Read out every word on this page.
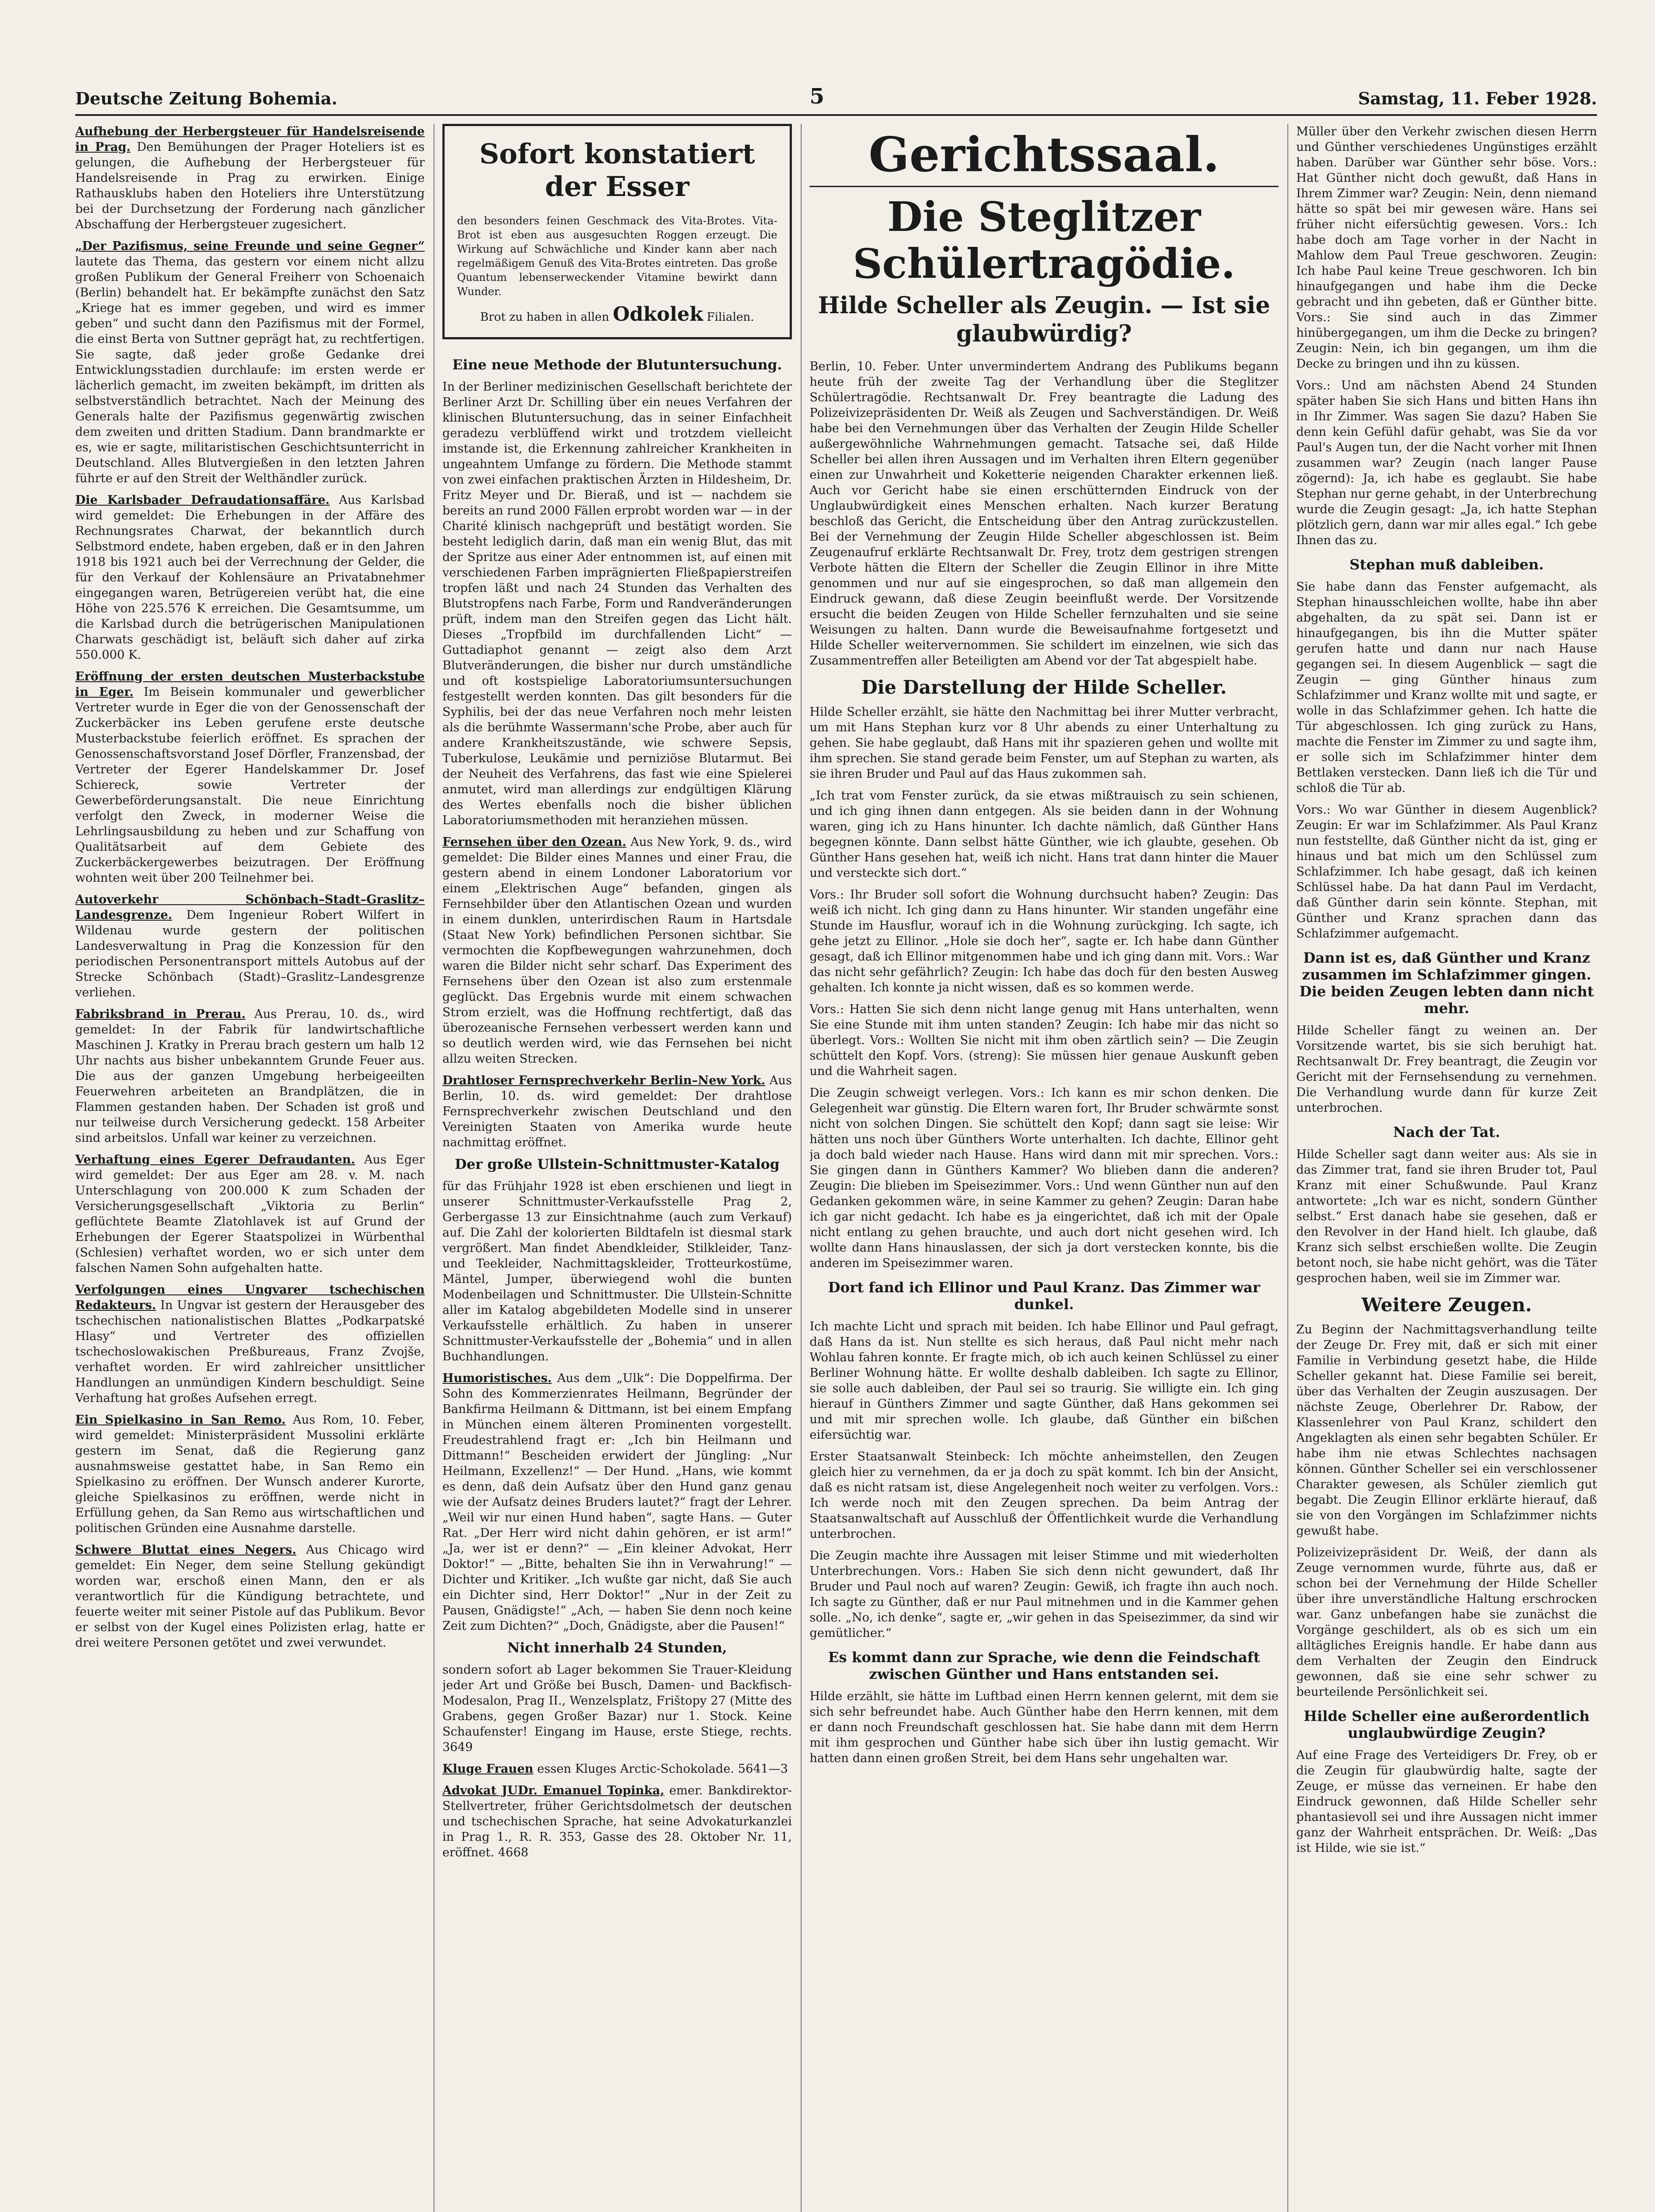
Deutsche Zeitung Bohemia.	5	Samstag, 11. Feber 1928.

Aufhebung der Herbergsteuer für Handelsreisende in Prag. Den Bemühungen der Prager Hoteliers ist es gelungen, die Aufhebung der Herbergsteuer für Handelsreisende in Prag zu erwirken. Einige Rathausklubs haben den Hoteliers ihre Unterstützung bei der Durchsetzung der Forderung nach gänzlicher Abschaffung der Herbergsteuer zugesichert.

„Der Pazifismus, seine Freunde und seine Gegner“ lautete das Thema, das gestern vor einem nicht allzu großen Publikum der General Freiherr von Schoenaich (Berlin) behandelt hat. Er bekämpfte zunächst den Satz „Kriege hat es immer gegeben, und wird es immer geben“ und sucht dann den Pazifismus mit der Formel, die einst Berta von Suttner geprägt hat, zu rechtfertigen. Sie sagte, daß jeder große Gedanke drei Entwicklungsstadien durchlaufe: im ersten werde er lächerlich gemacht, im zweiten bekämpft, im dritten als selbstverständlich betrachtet. Nach der Meinung des Generals halte der Pazifismus gegenwärtig zwischen dem zweiten und dritten Stadium. Dann brandmarkte er es, wie er sagte, militaristischen Geschichtsunterricht in Deutschland. Alles Blutvergießen in den letzten Jahren führte er auf den Streit der Welthändler zurück.

Die Karlsbader Defraudationsaffäre. Aus Karlsbad wird gemeldet: Die Erhebungen in der Affäre des Rechnungsrates Charwat, der bekanntlich durch Selbstmord endete, haben ergeben, daß er in den Jahren 1918 bis 1921 auch bei der Verrechnung der Gelder, die für den Verkauf der Kohlensäure an Privatabnehmer eingegangen waren, Betrügereien verübt hat, die eine Höhe von 225.576 K erreichen. Die Gesamtsumme, um die Karlsbad durch die betrügerischen Manipulationen Charwats geschädigt ist, beläuft sich daher auf zirka 550.000 K.

Eröffnung der ersten deutschen Musterbackstube in Eger. Im Beisein kommunaler und gewerblicher Vertreter wurde in Eger die von der Genossenschaft der Zuckerbäcker ins Leben gerufene erste deutsche Musterbackstube feierlich eröffnet. Es sprachen der Genossenschaftsvorstand Josef Dörfler, Franzensbad, der Vertreter der Egerer Handelskammer Dr. Josef Schiereck, sowie Vertreter der Gewerbeförderungsanstalt. Die neue Einrichtung verfolgt den Zweck, in moderner Weise die Lehrlingsausbildung zu heben und zur Schaffung von Qualitätsarbeit auf dem Gebiete des Zuckerbäckergewerbes beizutragen. Der Eröffnung wohnten weit über 200 Teilnehmer bei.

Autoverkehr Schönbach–Stadt–Graslitz–Landesgrenze. Dem Ingenieur Robert Wilfert in Wildenau wurde gestern der politischen Landesverwaltung in Prag die Konzession für den periodischen Personentransport mittels Autobus auf der Strecke Schönbach (Stadt)–Graslitz–Landesgrenze verliehen.

Fabriksbrand in Prerau. Aus Prerau, 10. ds., wird gemeldet: In der Fabrik für landwirtschaftliche Maschinen J. Kratky in Prerau brach gestern um halb 12 Uhr nachts aus bisher unbekanntem Grunde Feuer aus. Die aus der ganzen Umgebung herbeigeeilten Feuerwehren arbeiteten an Brandplätzen, die in Flammen gestanden haben. Der Schaden ist groß und nur teilweise durch Versicherung gedeckt. 158 Arbeiter sind arbeitslos. Unfall war keiner zu verzeichnen.

Verhaftung eines Egerer Defraudanten. Aus Eger wird gemeldet: Der aus Eger am 28. v. M. nach Unterschlagung von 200.000 K zum Schaden der Versicherungsgesellschaft „Viktoria zu Berlin“ geflüchtete Beamte Zlatohlavek ist auf Grund der Erhebungen der Egerer Staatspolizei in Würbenthal (Schlesien) verhaftet worden, wo er sich unter dem falschen Namen Sohn aufgehalten hatte.

Verfolgungen eines Ungvarer tschechischen Redakteurs. In Ungvar ist gestern der Herausgeber des tschechischen nationalistischen Blattes „Podkarpatské Hlasy“ und Vertreter des offiziellen tschechoslowakischen Preßbureaus, Franz Zvojše, verhaftet worden. Er wird zahlreicher unsittlicher Handlungen an unmündigen Kindern beschuldigt. Seine Verhaftung hat großes Aufsehen erregt.

Ein Spielkasino in San Remo. Aus Rom, 10. Feber, wird gemeldet: Ministerpräsident Mussolini erklärte gestern im Senat, daß die Regierung ganz ausnahmsweise gestattet habe, in San Remo ein Spielkasino zu eröffnen. Der Wunsch anderer Kurorte, gleiche Spielkasinos zu eröffnen, werde nicht in Erfüllung gehen, da San Remo aus wirtschaftlichen und politischen Gründen eine Ausnahme darstelle.

Schwere Bluttat eines Negers. Aus Chicago wird gemeldet: Ein Neger, dem seine Stellung gekündigt worden war, erschoß einen Mann, den er als verantwortlich für die Kündigung betrachtete, und feuerte weiter mit seiner Pistole auf das Publikum. Bevor er selbst von der Kugel eines Polizisten erlag, hatte er drei weitere Personen getötet und zwei verwundet.

Sofort konstatiert der Esser

den besonders feinen Geschmack des Vita-Brotes. Vita-Brot ist eben aus ausgesuchten Roggen erzeugt. Die Wirkung auf Schwächliche und Kinder kann aber nach regelmäßigem Genuß des Vita-Brotes eintreten. Das große Quantum lebenserweckender Vitamine bewirkt dann Wunder.

Brot zu haben in allen Odkolek Filialen.
Eine neue Methode der Blutuntersuchung.

In der Berliner medizinischen Gesellschaft berichtete der Berliner Arzt Dr. Schilling über ein neues Verfahren der klinischen Blutuntersuchung, das in seiner Einfachheit geradezu verblüffend wirkt und trotzdem vielleicht imstande ist, die Erkennung zahlreicher Krankheiten in ungeahntem Umfange zu fördern. Die Methode stammt von zwei einfachen praktischen Ärzten in Hildesheim, Dr. Fritz Meyer und Dr. Bieraß, und ist — nachdem sie bereits an rund 2000 Fällen erprobt worden war — in der Charité klinisch nachgeprüft und bestätigt worden. Sie besteht lediglich darin, daß man ein wenig Blut, das mit der Spritze aus einer Ader entnommen ist, auf einen mit verschiedenen Farben imprägnierten Fließpapierstreifen tropfen läßt und nach 24 Stunden das Verhalten des Blutstropfens nach Farbe, Form und Randveränderungen prüft, indem man den Streifen gegen das Licht hält. Dieses „Tropfbild im durchfallenden Licht“ — Guttadiaphot genannt — zeigt also dem Arzt Blutveränderungen, die bisher nur durch umständliche und oft kostspielige Laboratoriumsuntersuchungen festgestellt werden konnten. Das gilt besonders für die Syphilis, bei der das neue Verfahren noch mehr leisten als die berühmte Wassermann'sche Probe, aber auch für andere Krankheitszustände, wie schwere Sepsis, Tuberkulose, Leukämie und perniziöse Blutarmut. Bei der Neuheit des Verfahrens, das fast wie eine Spielerei anmutet, wird man allerdings zur endgültigen Klärung des Wertes ebenfalls noch die bisher üblichen Laboratoriumsmethoden mit heranziehen müssen.

Fernsehen über den Ozean. Aus New York, 9. ds., wird gemeldet: Die Bilder eines Mannes und einer Frau, die gestern abend in einem Londoner Laboratorium vor einem „Elektrischen Auge“ befanden, gingen als Fernsehbilder über den Atlantischen Ozean und wurden in einem dunklen, unterirdischen Raum in Hartsdale (Staat New York) befindlichen Personen sichtbar. Sie vermochten die Kopfbewegungen wahrzunehmen, doch waren die Bilder nicht sehr scharf. Das Experiment des Fernsehens über den Ozean ist also zum erstenmale geglückt. Das Ergebnis wurde mit einem schwachen Strom erzielt, was die Hoffnung rechtfertigt, daß das überozeanische Fernsehen verbessert werden kann und so deutlich werden wird, wie das Fernsehen bei nicht allzu weiten Strecken.

Drahtloser Fernsprechverkehr Berlin–New York. Aus Berlin, 10. ds. wird gemeldet: Der drahtlose Fernsprechverkehr zwischen Deutschland und den Vereinigten Staaten von Amerika wurde heute nachmittag eröffnet.

Der große Ullstein-Schnittmuster-Katalog

für das Frühjahr 1928 ist eben erschienen und liegt in unserer Schnittmuster-Verkaufsstelle Prag 2, Gerbergasse 13 zur Einsichtnahme (auch zum Verkauf) auf. Die Zahl der kolorierten Bildtafeln ist diesmal stark vergrößert. Man findet Abendkleider, Stilkleider, Tanz- und Teekleider, Nachmittagskleider, Trotteurkostüme, Mäntel, Jumper, überwiegend wohl die bunten Modenbeilagen und Schnittmuster. Die Ullstein-Schnitte aller im Katalog abgebildeten Modelle sind in unserer Verkaufsstelle erhältlich. Zu haben in unserer Schnittmuster-Verkaufsstelle der „Bohemia“ und in allen Buchhandlungen.

Humoristisches. Aus dem „Ulk“: Die Doppelfirma. Der Sohn des Kommerzienrates Heilmann, Begründer der Bankfirma Heilmann & Dittmann, ist bei einem Empfang in München einem älteren Prominenten vorgestellt. Freudestrahlend fragt er: „Ich bin Heilmann und Dittmann!“ Bescheiden erwidert der Jüngling: „Nur Heilmann, Exzellenz!“ — Der Hund. „Hans, wie kommt es denn, daß dein Aufsatz über den Hund ganz genau wie der Aufsatz deines Bruders lautet?“ fragt der Lehrer. „Weil wir nur einen Hund haben“, sagte Hans. — Guter Rat. „Der Herr wird nicht dahin gehören, er ist arm!“ „Ja, wer ist er denn?“ — „Ein kleiner Advokat, Herr Doktor!“ — „Bitte, behalten Sie ihn in Verwahrung!“ — Dichter und Kritiker. „Ich wußte gar nicht, daß Sie auch ein Dichter sind, Herr Doktor!“ „Nur in der Zeit zu Pausen, Gnädigste!“ „Ach, — haben Sie denn noch keine Zeit zum Dichten?“ „Doch, Gnädigste, aber die Pausen!“

Nicht innerhalb 24 Stunden,

sondern sofort ab Lager bekommen Sie Trauer-Kleidung jeder Art und Größe bei Busch, Damen- und Backfisch-Modesalon, Prag II., Wenzelsplatz, Frištopy 27 (Mitte des Grabens, gegen Großer Bazar) nur 1. Stock. Keine Schaufenster! Eingang im Hause, erste Stiege, rechts. 3649

Kluge Frauen essen Kluges Arctic-Schokolade. 5641—3

Advokat JUDr. Emanuel Topinka, emer. Bankdirektor-Stellvertreter, früher Gerichtsdolmetsch der deutschen und tschechischen Sprache, hat seine Advokaturkanzlei in Prag 1., R. R. 353, Gasse des 28. Oktober Nr. 11, eröffnet. 4668

Gerichtssaal.
Die Steglitzer Schülertragödie.
Hilde Scheller als Zeugin. — Ist sie glaubwürdig?

Berlin, 10. Feber. Unter unvermindertem Andrang des Publikums begann heute früh der zweite Tag der Verhandlung über die Steglitzer Schülertragödie. Rechtsanwalt Dr. Frey beantragte die Ladung des Polizeivizepräsidenten Dr. Weiß als Zeugen und Sachverständigen. Dr. Weiß habe bei den Vernehmungen über das Verhalten der Zeugin Hilde Scheller außergewöhnliche Wahrnehmungen gemacht. Tatsache sei, daß Hilde Scheller bei allen ihren Aussagen und im Verhalten ihren Eltern gegenüber einen zur Unwahrheit und Koketterie neigenden Charakter erkennen ließ. Auch vor Gericht habe sie einen erschütternden Eindruck von der Unglaubwürdigkeit eines Menschen erhalten. Nach kurzer Beratung beschloß das Gericht, die Entscheidung über den Antrag zurückzustellen. Bei der Vernehmung der Zeugin Hilde Scheller abgeschlossen ist. Beim Zeugenaufruf erklärte Rechtsanwalt Dr. Frey, trotz dem gestrigen strengen Verbote hätten die Eltern der Scheller die Zeugin Ellinor in ihre Mitte genommen und nur auf sie eingesprochen, so daß man allgemein den Eindruck gewann, daß diese Zeugin beeinflußt werde. Der Vorsitzende ersucht die beiden Zeugen von Hilde Scheller fernzuhalten und sie seine Weisungen zu halten. Dann wurde die Beweisaufnahme fortgesetzt und Hilde Scheller weitervernommen. Sie schildert im einzelnen, wie sich das Zusammentreffen aller Beteiligten am Abend vor der Tat abgespielt habe.

Die Darstellung der Hilde Scheller.

Hilde Scheller erzählt, sie hätte den Nachmittag bei ihrer Mutter verbracht, um mit Hans Stephan kurz vor 8 Uhr abends zu einer Unterhaltung zu gehen. Sie habe geglaubt, daß Hans mit ihr spazieren gehen und wollte mit ihm sprechen. Sie stand gerade beim Fenster, um auf Stephan zu warten, als sie ihren Bruder und Paul auf das Haus zukommen sah.

„Ich trat vom Fenster zurück, da sie etwas mißtrauisch zu sein schienen, und ich ging ihnen dann entgegen. Als sie beiden dann in der Wohnung waren, ging ich zu Hans hinunter. Ich dachte nämlich, daß Günther Hans begegnen könnte. Dann selbst hätte Günther, wie ich glaubte, gesehen. Ob Günther Hans gesehen hat, weiß ich nicht. Hans trat dann hinter die Mauer und versteckte sich dort.“

Vors.: Ihr Bruder soll sofort die Wohnung durchsucht haben? Zeugin: Das weiß ich nicht. Ich ging dann zu Hans hinunter. Wir standen ungefähr eine Stunde im Hausflur, worauf ich in die Wohnung zurückging. Ich sagte, ich gehe jetzt zu Ellinor. „Hole sie doch her“, sagte er. Ich habe dann Günther gesagt, daß ich Ellinor mitgenommen habe und ich ging dann mit. Vors.: War das nicht sehr gefährlich? Zeugin: Ich habe das doch für den besten Ausweg gehalten. Ich konnte ja nicht wissen, daß es so kommen werde.

Vors.: Hatten Sie sich denn nicht lange genug mit Hans unterhalten, wenn Sie eine Stunde mit ihm unten standen? Zeugin: Ich habe mir das nicht so überlegt. Vors.: Wollten Sie nicht mit ihm oben zärtlich sein? — Die Zeugin schüttelt den Kopf. Vors. (streng): Sie müssen hier genaue Auskunft geben und die Wahrheit sagen.

Die Zeugin schweigt verlegen. Vors.: Ich kann es mir schon denken. Die Gelegenheit war günstig. Die Eltern waren fort, Ihr Bruder schwärmte sonst nicht von solchen Dingen. Sie schüttelt den Kopf; dann sagt sie leise: Wir hätten uns noch über Günthers Worte unterhalten. Ich dachte, Ellinor geht ja doch bald wieder nach Hause. Hans wird dann mit mir sprechen. Vors.: Sie gingen dann in Günthers Kammer? Wo blieben dann die anderen? Zeugin: Die blieben im Speisezimmer. Vors.: Und wenn Günther nun auf den Gedanken gekommen wäre, in seine Kammer zu gehen? Zeugin: Daran habe ich gar nicht gedacht. Ich habe es ja eingerichtet, daß ich mit der Opale nicht entlang zu gehen brauchte, und auch dort nicht gesehen wird. Ich wollte dann Hans hinauslassen, der sich ja dort verstecken konnte, bis die anderen im Speisezimmer waren.

Dort fand ich Ellinor und Paul Kranz. Das Zimmer war dunkel.

Ich machte Licht und sprach mit beiden. Ich habe Ellinor und Paul gefragt, daß Hans da ist. Nun stellte es sich heraus, daß Paul nicht mehr nach Wohlau fahren konnte. Er fragte mich, ob ich auch keinen Schlüssel zu einer Berliner Wohnung hätte. Er wollte deshalb dableiben. Ich sagte zu Ellinor, sie solle auch dableiben, der Paul sei so traurig. Sie willigte ein. Ich ging hierauf in Günthers Zimmer und sagte Günther, daß Hans gekommen sei und mit mir sprechen wolle. Ich glaube, daß Günther ein bißchen eifersüchtig war.

Erster Staatsanwalt Steinbeck: Ich möchte anheimstellen, den Zeugen gleich hier zu vernehmen, da er ja doch zu spät kommt. Ich bin der Ansicht, daß es nicht ratsam ist, diese Angelegenheit noch weiter zu verfolgen. Vors.: Ich werde noch mit den Zeugen sprechen. Da beim Antrag der Staatsanwaltschaft auf Ausschluß der Öffentlichkeit wurde die Verhandlung unterbrochen.

Die Zeugin machte ihre Aussagen mit leiser Stimme und mit wiederholten Unterbrechungen. Vors.: Haben Sie sich denn nicht gewundert, daß Ihr Bruder und Paul noch auf waren? Zeugin: Gewiß, ich fragte ihn auch noch. Ich sagte zu Günther, daß er nur Paul mitnehmen und in die Kammer gehen solle. „No, ich denke“, sagte er, „wir gehen in das Speisezimmer, da sind wir gemütlicher.“

Es kommt dann zur Sprache, wie denn die Feindschaft zwischen Günther und Hans entstanden sei.

Hilde erzählt, sie hätte im Luftbad einen Herrn kennen gelernt, mit dem sie sich sehr befreundet habe. Auch Günther habe den Herrn kennen, mit dem er dann noch Freundschaft geschlossen hat. Sie habe dann mit dem Herrn mit ihm gesprochen und Günther habe sich über ihn lustig gemacht. Wir hatten dann einen großen Streit, bei dem Hans sehr ungehalten war.

Müller über den Verkehr zwischen diesen Herrn und Günther verschiedenes Ungünstiges erzählt haben. Darüber war Günther sehr böse. Vors.: Hat Günther nicht doch gewußt, daß Hans in Ihrem Zimmer war? Zeugin: Nein, denn niemand hätte so spät bei mir gewesen wäre. Hans sei früher nicht eifersüchtig gewesen. Vors.: Ich habe doch am Tage vorher in der Nacht in Mahlow dem Paul Treue geschworen. Zeugin: Ich habe Paul keine Treue geschworen. Ich bin hinaufgegangen und habe ihm die Decke gebracht und ihn gebeten, daß er Günther bitte. Vors.: Sie sind auch in das Zimmer hinübergegangen, um ihm die Decke zu bringen? Zeugin: Nein, ich bin gegangen, um ihm die Decke zu bringen und ihn zu küssen.

Vors.: Und am nächsten Abend 24 Stunden später haben Sie sich Hans und bitten Hans ihn in Ihr Zimmer. Was sagen Sie dazu? Haben Sie denn kein Gefühl dafür gehabt, was Sie da vor Paul's Augen tun, der die Nacht vorher mit Ihnen zusammen war? Zeugin (nach langer Pause zögernd): Ja, ich habe es geglaubt. Sie habe Stephan nur gerne gehabt, in der Unterbrechung wurde die Zeugin gesagt: „Ja, ich hatte Stephan plötzlich gern, dann war mir alles egal.“ Ich gebe Ihnen das zu.

Stephan muß dableiben.

Sie habe dann das Fenster aufgemacht, als Stephan hinausschleichen wollte, habe ihn aber abgehalten, da zu spät sei. Dann ist er hinaufgegangen, bis ihn die Mutter später gerufen hatte und dann nur nach Hause gegangen sei. In diesem Augenblick — sagt die Zeugin — ging Günther hinaus zum Schlafzimmer und Kranz wollte mit und sagte, er wolle in das Schlafzimmer gehen. Ich hatte die Tür abgeschlossen. Ich ging zurück zu Hans, machte die Fenster im Zimmer zu und sagte ihm, er solle sich im Schlafzimmer hinter dem Bettlaken verstecken. Dann ließ ich die Tür und schloß die Tür ab.

Vors.: Wo war Günther in diesem Augenblick? Zeugin: Er war im Schlafzimmer. Als Paul Kranz nun feststellte, daß Günther nicht da ist, ging er hinaus und bat mich um den Schlüssel zum Schlafzimmer. Ich habe gesagt, daß ich keinen Schlüssel habe. Da hat dann Paul im Verdacht, daß Günther darin sein könnte. Stephan, mit Günther und Kranz sprachen dann das Schlafzimmer aufgemacht.

Dann ist es, daß Günther und Kranz zusammen im Schlafzimmer gingen. Die beiden Zeugen lebten dann nicht mehr.

Hilde Scheller fängt zu weinen an. Der Vorsitzende wartet, bis sie sich beruhigt hat. Rechtsanwalt Dr. Frey beantragt, die Zeugin vor Gericht mit der Fernsehsendung zu vernehmen. Die Verhandlung wurde dann für kurze Zeit unterbrochen.

Nach der Tat.

Hilde Scheller sagt dann weiter aus: Als sie in das Zimmer trat, fand sie ihren Bruder tot, Paul Kranz mit einer Schußwunde. Paul Kranz antwortete: „Ich war es nicht, sondern Günther selbst.“ Erst danach habe sie gesehen, daß er den Revolver in der Hand hielt. Ich glaube, daß Kranz sich selbst erschießen wollte. Die Zeugin betont noch, sie habe nicht gehört, was die Täter gesprochen haben, weil sie im Zimmer war.

Weitere Zeugen.

Zu Beginn der Nachmittagsverhandlung teilte der Zeuge Dr. Frey mit, daß er sich mit einer Familie in Verbindung gesetzt habe, die Hilde Scheller gekannt hat. Diese Familie sei bereit, über das Verhalten der Zeugin auszusagen. Der nächste Zeuge, Oberlehrer Dr. Rabow, der Klassenlehrer von Paul Kranz, schildert den Angeklagten als einen sehr begabten Schüler. Er habe ihm nie etwas Schlechtes nachsagen können. Günther Scheller sei ein verschlossener Charakter gewesen, als Schüler ziemlich gut begabt. Die Zeugin Ellinor erklärte hierauf, daß sie von den Vorgängen im Schlafzimmer nichts gewußt habe.

Polizeivizepräsident Dr. Weiß, der dann als Zeuge vernommen wurde, führte aus, daß er schon bei der Vernehmung der Hilde Scheller über ihre unverständliche Haltung erschrocken war. Ganz unbefangen habe sie zunächst die Vorgänge geschildert, als ob es sich um ein alltägliches Ereignis handle. Er habe dann aus dem Verhalten der Zeugin den Eindruck gewonnen, daß sie eine sehr schwer zu beurteilende Persönlichkeit sei.

Hilde Scheller eine außerordentlich unglaubwürdige Zeugin?

Auf eine Frage des Verteidigers Dr. Frey, ob er die Zeugin für glaubwürdig halte, sagte der Zeuge, er müsse das verneinen. Er habe den Eindruck gewonnen, daß Hilde Scheller sehr phantasievoll sei und ihre Aussagen nicht immer ganz der Wahrheit entsprächen. Dr. Weiß: „Das ist Hilde, wie sie ist.“
